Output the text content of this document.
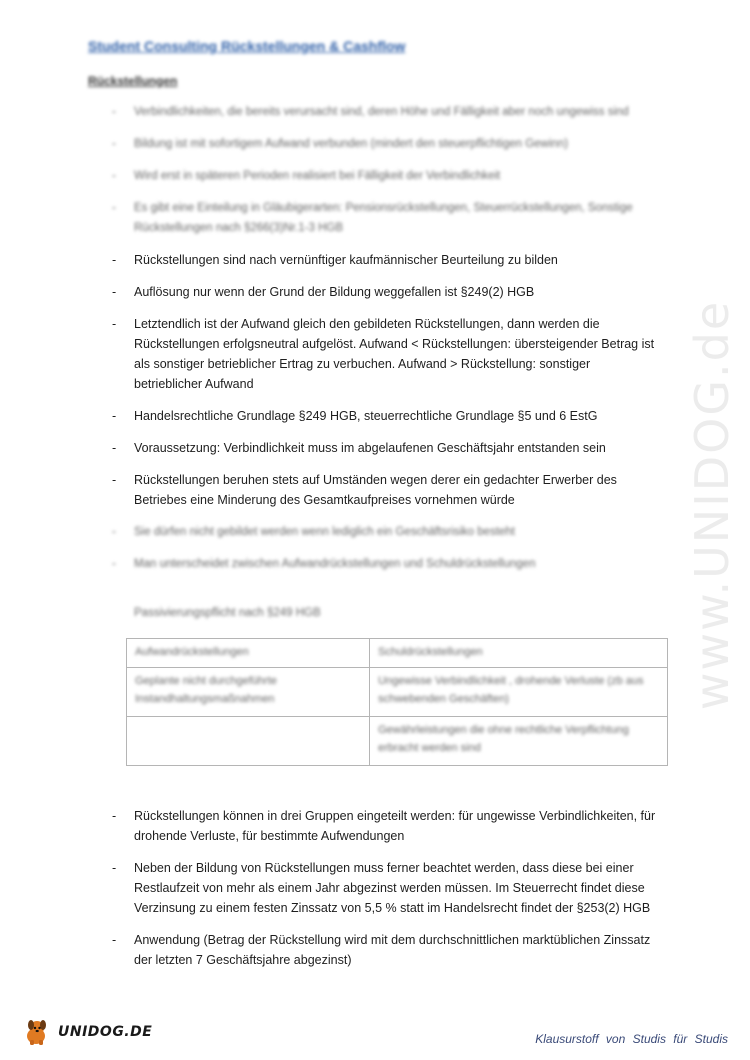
Student Consulting Rückstellungen & Cashflow
Rückstellungen
- Verbindlichkeiten, die bereits verursacht sind, deren Höhe und Fälligkeit aber noch ungewiss sind
- Bildung ist mit sofortigem Aufwand verbunden (mindert den steuerpflichtigen Gewinn)
- Wird erst in späteren Perioden realisiert bei Fälligkeit der Verbindlichkeit
- Es gibt eine Einteilung in Gläubigerarten: Pensionsrückstellungen, Steuerrückstellungen, Sonstige Rückstellungen nach §266(3)Nr.1-3 HGB
- Rückstellungen sind nach vernünftiger kaufmännischer Beurteilung zu bilden
- Auflösung nur wenn der Grund der Bildung weggefallen ist §249(2) HGB
- Letztendlich ist der Aufwand gleich den gebildeten Rückstellungen, dann werden die Rückstellungen erfolgsneutral aufgelöst. Aufwand < Rückstellungen: übersteigender Betrag ist als sonstiger betrieblicher Ertrag zu verbuchen. Aufwand > Rückstellung: sonstiger betrieblicher Aufwand
- Handelsrechtliche Grundlage §249 HGB, steuerrechtliche Grundlage §5 und 6 EstG
- Voraussetzung: Verbindlichkeit muss im abgelaufenen Geschäftsjahr entstanden sein
- Rückstellungen beruhen stets auf Umständen wegen derer ein gedachter Erwerber des Betriebes eine Minderung des Gesamtkaufpreises vornehmen würde
- Sie dürfen nicht gebildet werden wenn lediglich ein Geschäftsrisiko besteht
- Man unterscheidet zwischen Aufwandrückstellungen und Schuldrückstellungen
Passivierungspflicht nach §249 HGB
Aufwandrückstellungen	Schuldrückstellungen

Geplante nicht durchgeführte Instandhaltungsmaßnahmen	Ungewisse Verbindlichkeit , drohende Verluste (zb aus schwebenden Geschäften)

	Gewährleistungen die ohne rechtliche Verpflichtung erbracht werden sind
- Rückstellungen können in drei Gruppen eingeteilt werden: für ungewisse Verbindlichkeiten, für drohende Verluste, für bestimmte Aufwendungen
- Neben der Bildung von Rückstellungen muss ferner beachtet werden, dass diese bei einer Restlaufzeit von mehr als einem Jahr abgezinst werden müssen. Im Steuerrecht findet diese Verzinsung zu einem festen Zinssatz von 5,5 % statt im Handelsrecht findet der §253(2) HGB
- Anwendung (Betrag der Rückstellung wird mit dem durchschnittlichen marktüblichen Zinssatz der letzten 7 Geschäftsjahre abgezinst)
www.UNIDOG.de
UNIDOG.DE	Klausurstoff von Studis für Studis
